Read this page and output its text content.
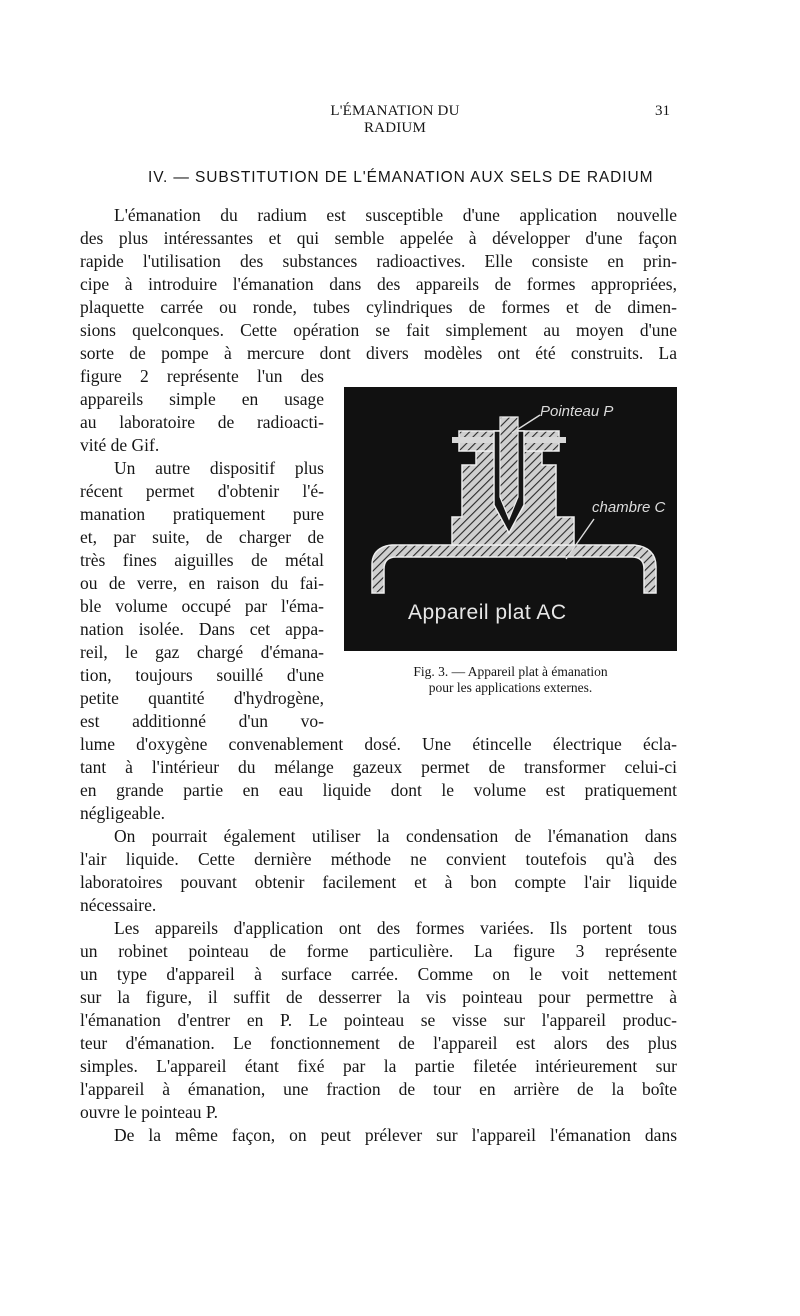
L'ÉMANATION DU RADIUM
31
IV. — SUBSTITUTION DE L'ÉMANATION AUX SELS DE RADIUM
L'émanation du radium est susceptible d'une application nouvelle
des plus intéressantes et qui semble appelée à développer d'une façon
rapide l'utilisation des substances radioactives. Elle consiste en prin-
cipe à introduire l'émanation dans des appareils de formes appropriées,
plaquette carrée ou ronde, tubes cylindriques de formes et de dimen-
sions quelconques. Cette opération se fait simplement au moyen d'une
sorte de pompe à mercure dont divers modèles ont été construits. La
figure 2 représente l'un des
appareils simple en usage
au laboratoire de radioacti-
vité de Gif.
Un autre dispositif plus
récent permet d'obtenir l'é-
manation pratiquement pure
et, par suite, de charger de
très fines aiguilles de métal
ou de verre, en raison du fai-
ble volume occupé par l'éma-
nation isolée. Dans cet appa-
reil, le gaz chargé d'émana-
tion, toujours souillé d'une
petite quantité d'hydrogène,
est additionné d'un vo-
lume d'oxygène convenablement dosé. Une étincelle électrique écla-
tant à l'intérieur du mélange gazeux permet de transformer celui-ci
en grande partie en eau liquide dont le volume est pratiquement
négligeable.
On pourrait également utiliser la condensation de l'émanation dans
l'air liquide. Cette dernière méthode ne convient toutefois qu'à des
laboratoires pouvant obtenir facilement et à bon compte l'air liquide
nécessaire.
Les appareils d'application ont des formes variées. Ils portent tous
un robinet pointeau de forme particulière. La figure 3 représente
un type d'appareil à surface carrée. Comme on le voit nettement
sur la figure, il suffit de desserrer la vis pointeau pour permettre à
l'émanation d'entrer en P. Le pointeau se visse sur l'appareil produc-
teur d'émanation. Le fonctionnement de l'appareil est alors des plus
simples. L'appareil étant fixé par la partie filetée intérieurement sur
l'appareil à émanation, une fraction de tour en arrière de la boîte
ouvre le pointeau P.
De la même façon, on peut prélever sur l'appareil l'émanation dans
Pointeau P
chambre C
Appareil plat AC
Fig. 3. — Appareil plat à émanation
pour les applications externes.
